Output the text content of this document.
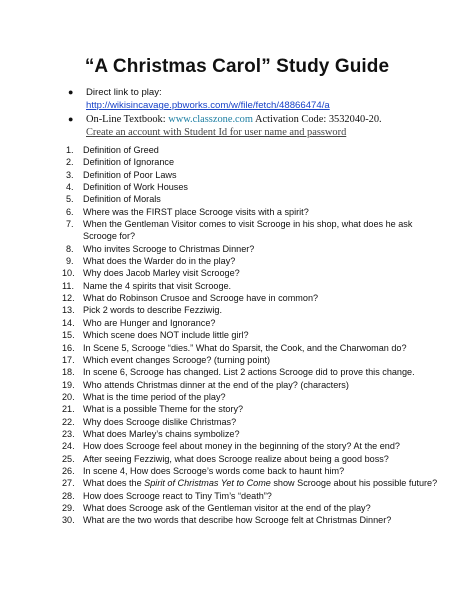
“A Christmas Carol” Study Guide
● Direct link to play: http://wikisincavage.pbworks.com/w/file/fetch/48866474/a
● On-Line Textbook: www.classzone.com Activation Code: 3532040-20. Create an account with Student Id for user name and password
1.	Definition of Greed
2.	Definition of Ignorance
3.	Definition of Poor Laws
4.	Definition of Work Houses
5.	Definition of Morals
6.	Where was the FIRST place Scrooge visits with a spirit?
7.	When the Gentleman Visitor comes to visit Scrooge in his shop, what does he ask Scrooge for?
8.	Who invites Scrooge to Christmas Dinner?
9.	What does the Warder do in the play?
10. Why does Jacob Marley visit Scrooge?
11. Name the 4 spirits that visit Scrooge.
12. What do Robinson Crusoe and Scrooge have in common?
13. Pick 2 words to describe Fezziwig.
14. Who are Hunger and Ignorance?
15. Which scene does NOT include little girl?
16. In Scene 5, Scrooge “dies.” What do Sparsit, the Cook, and the Charwoman do?
17. Which event changes Scrooge? (turning point)
18. In scene 6, Scrooge has changed. List 2 actions Scrooge did to prove this change.
19. Who attends Christmas dinner at the end of the play? (characters)
20. What is the time period of the play?
21. What is a possible Theme for the story?
22. Why does Scrooge dislike Christmas?
23. What does Marley’s chains symbolize?
24. How does Scrooge feel about money in the beginning of the story? At the end?
25. After seeing Fezziwig, what does Scrooge realize about being a good boss?
26. In scene 4, How does Scrooge’s words come back to haunt him?
27. What does the Spirit of Christmas Yet to Come show Scrooge about his possible future?
28. How does Scrooge react to Tiny Tim’s “death”?
29. What does Scrooge ask of the Gentleman visitor at the end of the play?
30. What are the two words that describe how Scrooge felt at Christmas Dinner?
